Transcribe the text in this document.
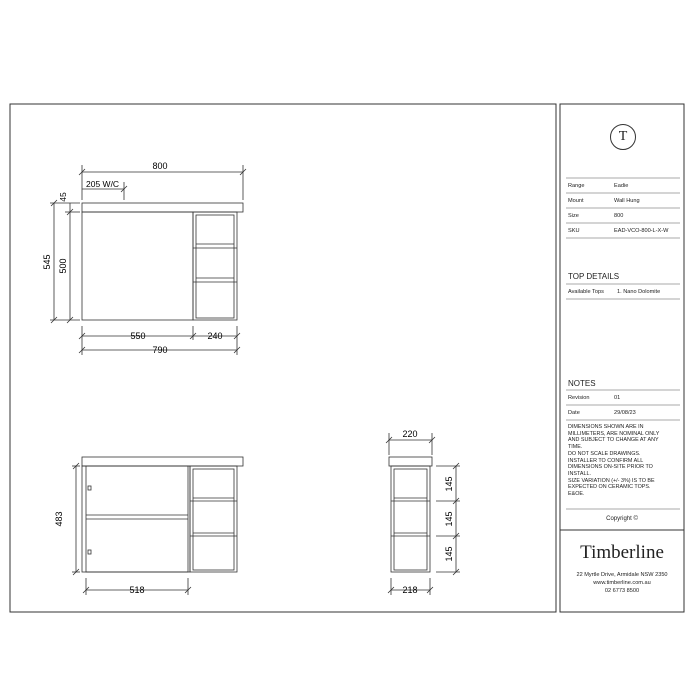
800
205 W/C
45
545 500
550	240
790
483
518
220
145
145
145
218
T
Range	Eadie
Mount	Wall Hung
Size	800
SKU	EAD-VCO-800-L-X-W
TOP DETAILS
Available Tops 1. Nano Dolomite
NOTES
Revision	01
Date	29/08/23
DIMENSIONS SHOWN ARE IN
MILLIMETERS, ARE NOMINAL ONLY
AND SUBJECT TO CHANGE AT ANY
TIME.
DO NOT SCALE DRAWINGS.
INSTALLER TO CONFIRM ALL
DIMENSIONS ON-SITE PRIOR TO
INSTALL.
SIZE VARIATION (+/- 3%) IS TO BE
EXPECTED ON CERAMIC TOPS.
E&OE.
Copyright ©
Timberline
22 Myrtle Drive, Armidale NSW 2350
www.timberline.com.au
02 6773 8500
